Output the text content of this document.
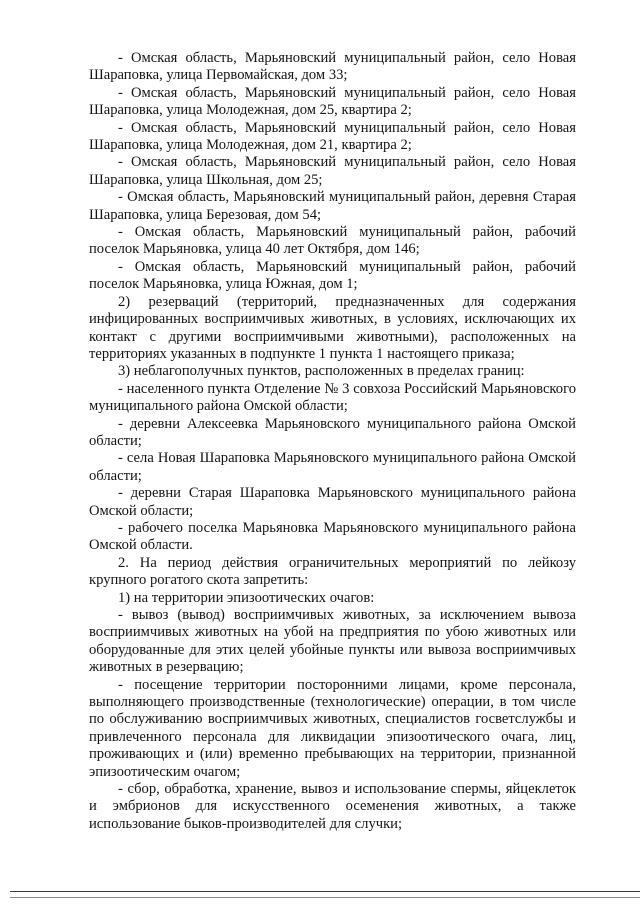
- Омская область, Марьяновский муниципальный район, село Новая Шараповка, улица Первомайская, дом 33;

- Омская область, Марьяновский муниципальный район, село Новая Шараповка, улица Молодежная, дом 25, квартира 2;

- Омская область, Марьяновский муниципальный район, село Новая Шараповка, улица Молодежная, дом 21, квартира 2;

- Омская область, Марьяновский муниципальный район, село Новая Шараповка, улица Школьная, дом 25;

- Омская область, Марьяновский муниципальный район, деревня Старая Шараповка, улица Березовая, дом 54;

- Омская область, Марьяновский муниципальный район, рабочий поселок Марьяновка, улица 40 лет Октября, дом 146;

- Омская область, Марьяновский муниципальный район, рабочий поселок Марьяновка, улица Южная, дом 1;

2) резерваций (территорий, предназначенных для содержания инфицированных восприимчивых животных, в условиях, исключающих их контакт с другими восприимчивыми животными), расположенных на территориях указанных в подпункте 1 пункта 1 настоящего приказа;

3) неблагополучных пунктов, расположенных в пределах границ:

- населенного пункта Отделение № 3 совхоза Российский Марьяновского муниципального района Омской области;

- деревни Алексеевка Марьяновского муниципального района Омской области;

- села Новая Шараповка Марьяновского муниципального района Омской области;

- деревни Старая Шараповка Марьяновского муниципального района Омской области;

- рабочего поселка Марьяновка Марьяновского муниципального района Омской области.

2. На период действия ограничительных мероприятий по лейкозу крупного рогатого скота запретить:

1) на территории эпизоотических очагов:

- вывоз (вывод) восприимчивых животных, за исключением вывоза восприимчивых животных на убой на предприятия по убою животных или оборудованные для этих целей убойные пункты или вывоза восприимчивых животных в резервацию;

- посещение территории посторонними лицами, кроме персонала, выполняющего производственные (технологические) операции, в том числе по обслуживанию восприимчивых животных, специалистов госветслужбы и привлеченного персонала для ликвидации эпизоотического очага, лиц, проживающих и (или) временно пребывающих на территории, признанной эпизоотическим очагом;

- сбор, обработка, хранение, вывоз и использование спермы, яйцеклеток и эмбрионов для искусственного осеменения животных, а также использование быков-производителей для случки;
